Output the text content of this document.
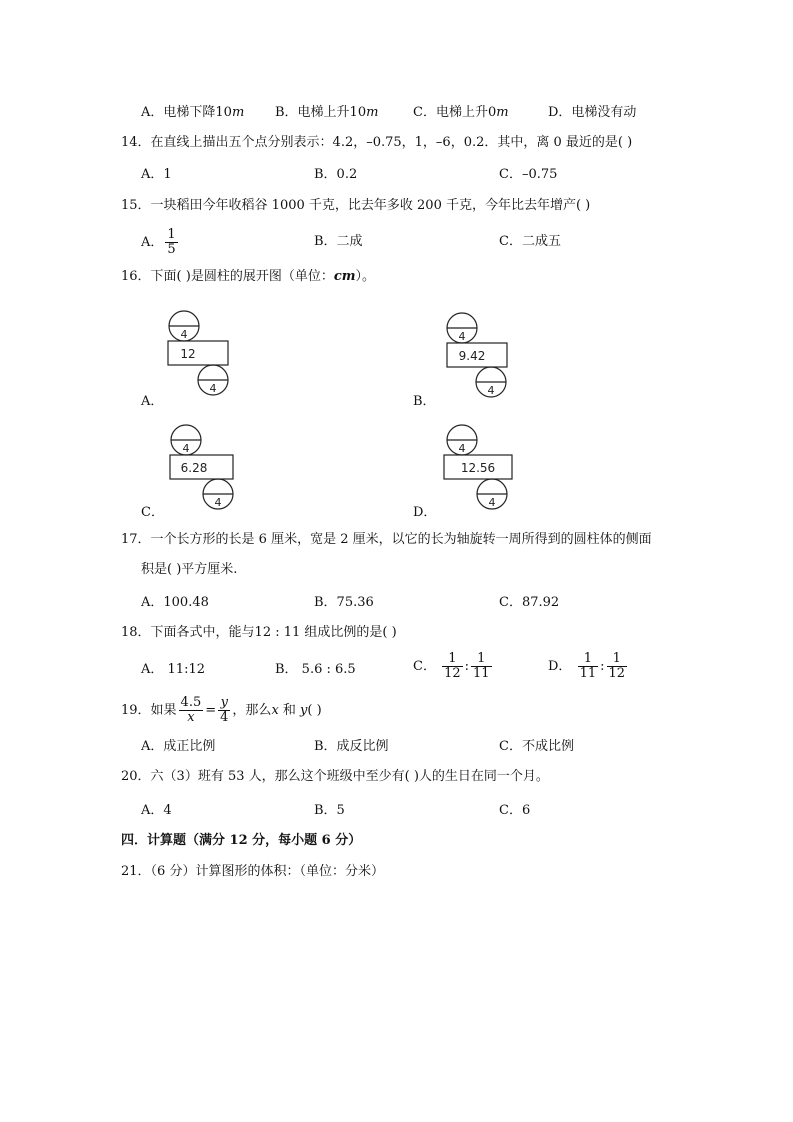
A．电梯下降10m B．电梯上升10m	C．电梯上升0m	D．电梯没有动
14．在直线上描出五个点分别表示：4.2，–0.75，1，–6，0.2．其中，离 0 最近的是( )
A．1	B．0.2	C．–0.75
15．一块稻田今年收稻谷 1000 千克，比去年多收 200 千克，今年比去年增产( )
A． $\frac{1}{5}$	B．二成	C．二成五
16．下面( )是圆柱的展开图（单位：cm）。
A．
4
12
4
B．
4
9.42
4
C．
4
6.28
4
D．
4
12.56
4
17．一个长方形的长是 6 厘米，宽是 2 厘米，以它的长为轴旋转一周所得到的圆柱体的侧面
积是( )平方厘米.
A．100.48	B．75.36	C．87.92
18．下面各式中，能与12 : 11 组成比例的是( )
A． 11:12	B． 5.6 : 6.5	C． $\frac{1}{12}$ : $\frac{1}{11}$	D． $\frac{1}{11}$ : $\frac{1}{12}$
19．如果 $\frac{4.5}{x} = \frac{y}{4}$ ，那么x 和 y( )
A．成正比例	B．成反比例	C．不成比例
20．六（3）班有 53 人，那么这个班级中至少有( )人的生日在同一个月。
A．4	B．5	C．6
四．计算题（满分 12 分，每小题 6 分）
21．（6 分）计算图形的体积：（单位：分米）
